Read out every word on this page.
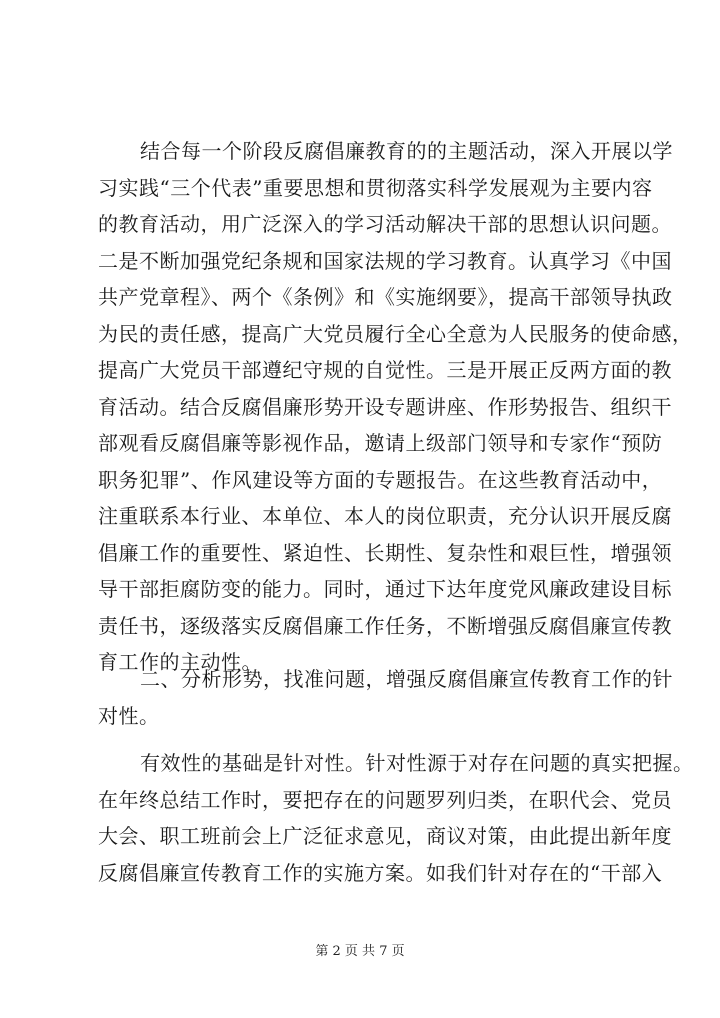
结合每一个阶段反腐倡廉教育的的主题活动，深入开展以学
习实践“三个代表”重要思想和贯彻落实科学发展观为主要内容
的教育活动，用广泛深入的学习活动解决干部的思想认识问题。
二是不断加强党纪条规和国家法规的学习教育。认真学习《中国
共产党章程》、两个《条例》和《实施纲要》，提高干部领导执政
为民的责任感，提高广大党员履行全心全意为人民服务的使命感，
提高广大党员干部遵纪守规的自觉性。三是开展正反两方面的教
育活动。结合反腐倡廉形势开设专题讲座、作形势报告、组织干
部观看反腐倡廉等影视作品，邀请上级部门领导和专家作“预防
职务犯罪”、作风建设等方面的专题报告。在这些教育活动中，
注重联系本行业、本单位、本人的岗位职责，充分认识开展反腐
倡廉工作的重要性、紧迫性、长期性、复杂性和艰巨性，增强领
导干部拒腐防变的能力。同时，通过下达年度党风廉政建设目标
责任书，逐级落实反腐倡廉工作任务，不断增强反腐倡廉宣传教
育工作的主动性。
二、分析形势，找准问题，增强反腐倡廉宣传教育工作的针
对性。
有效性的基础是针对性。针对性源于对存在问题的真实把握。
在年终总结工作时，要把存在的问题罗列归类，在职代会、党员
大会、职工班前会上广泛征求意见，商议对策，由此提出新年度
反腐倡廉宣传教育工作的实施方案。如我们针对存在的“干部入
第 2 页 共 7 页
